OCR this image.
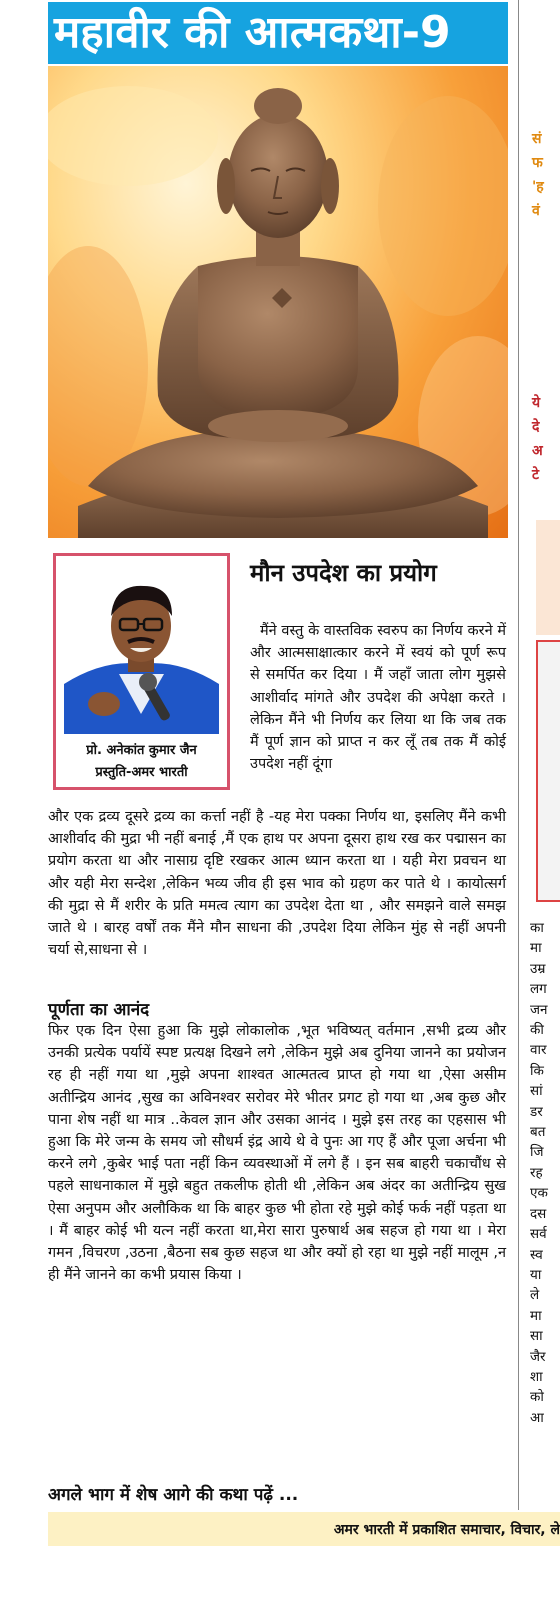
महावीर की आत्मकथा-9
सं
फ
'ह
वं
ये
दे
अ
टे
का
मा
उम्र
लग
जन
की
वार
कि
सां
डर
बत
जि
रह
एक
दस
सर्व
स्व
या
ले
मा
सा
जैर
शा
को
आ
प्रो. अनेकांत कुमार जैन
प्रस्तुति-अमर भारती
मौन उपदेश का प्रयोग
मैंने वस्तु के वास्तविक स्वरुप का निर्णय करने में और आत्मसाक्षात्कार करने में स्वयं को पूर्ण रूप से समर्पित कर दिया । मैं जहाँ जाता लोग मुझसे आशीर्वाद मांगते और उपदेश की अपेक्षा करते । लेकिन मैंने भी निर्णय कर लिया था कि जब तक मैं पूर्ण ज्ञान को प्राप्त न कर लूँ तब तक मैं कोई उपदेश नहीं दूंगा
और एक द्रव्य दूसरे द्रव्य का कर्त्ता नहीं है -यह मेरा पक्का निर्णय था, इसलिए मैंने कभी आशीर्वाद की मुद्रा भी नहीं बनाई ,मैं एक हाथ पर अपना दूसरा हाथ रख कर पद्मासन का प्रयोग करता था और नासाग्र दृष्टि रखकर आत्म ध्यान करता था । यही मेरा प्रवचन था और यही मेरा सन्देश ,लेकिन भव्य जीव ही इस भाव को ग्रहण कर पाते थे । कायोत्सर्ग की मुद्रा से मैं शरीर के प्रति ममत्व त्याग का उपदेश देता था , और समझने वाले समझ जाते थे । बारह वर्षों तक मैंने मौन साधना की ,उपदेश दिया लेकिन मुंह से नहीं अपनी चर्या से,साधना से ।
पूर्णता का आनंद
फिर एक दिन ऐसा हुआ कि मुझे लोकालोक ,भूत भविष्यत् वर्तमान ,सभी द्रव्य और उनकी प्रत्येक पर्यायें स्पष्ट प्रत्यक्ष दिखने लगे ,लेकिन मुझे अब दुनिया जानने का प्रयोजन रह ही नहीं गया था ,मुझे अपना शाश्वत आत्मतत्व प्राप्त हो गया था ,ऐसा असीम अतीन्द्रिय आनंद ,सुख का अविनश्वर सरोवर मेरे भीतर प्रगट हो गया था ,अब कुछ और पाना शेष नहीं था मात्र ..केवल ज्ञान और उसका आनंद । मुझे इस तरह का एहसास भी हुआ कि मेरे जन्म के समय जो सौधर्म इंद्र आये थे वे पुनः आ गए हैं और पूजा अर्चना भी करने लगे ,कुबेर भाई पता नहीं किन व्यवस्थाओं में लगे हैं । इन सब बाहरी चकाचौंध से पहले साधनाकाल में मुझे बहुत तकलीफ होती थी ,लेकिन अब अंदर का अतीन्द्रिय सुख ऐसा अनुपम और अलौकिक था कि बाहर कुछ भी होता रहे मुझे कोई फर्क नहीं पड़ता था । मैं बाहर कोई भी यत्न नहीं करता था,मेरा सारा पुरुषार्थ अब सहज हो गया था । मेरा गमन ,विचरण ,उठना ,बैठना सब कुछ सहज था और क्यों हो रहा था मुझे नहीं मालूम ,न ही मैंने जानने का कभी प्रयास किया ।
अगले भाग में शेष आगे की कथा पढ़ें ...
अमर भारती में प्रकाशित समाचार, विचार, ले
